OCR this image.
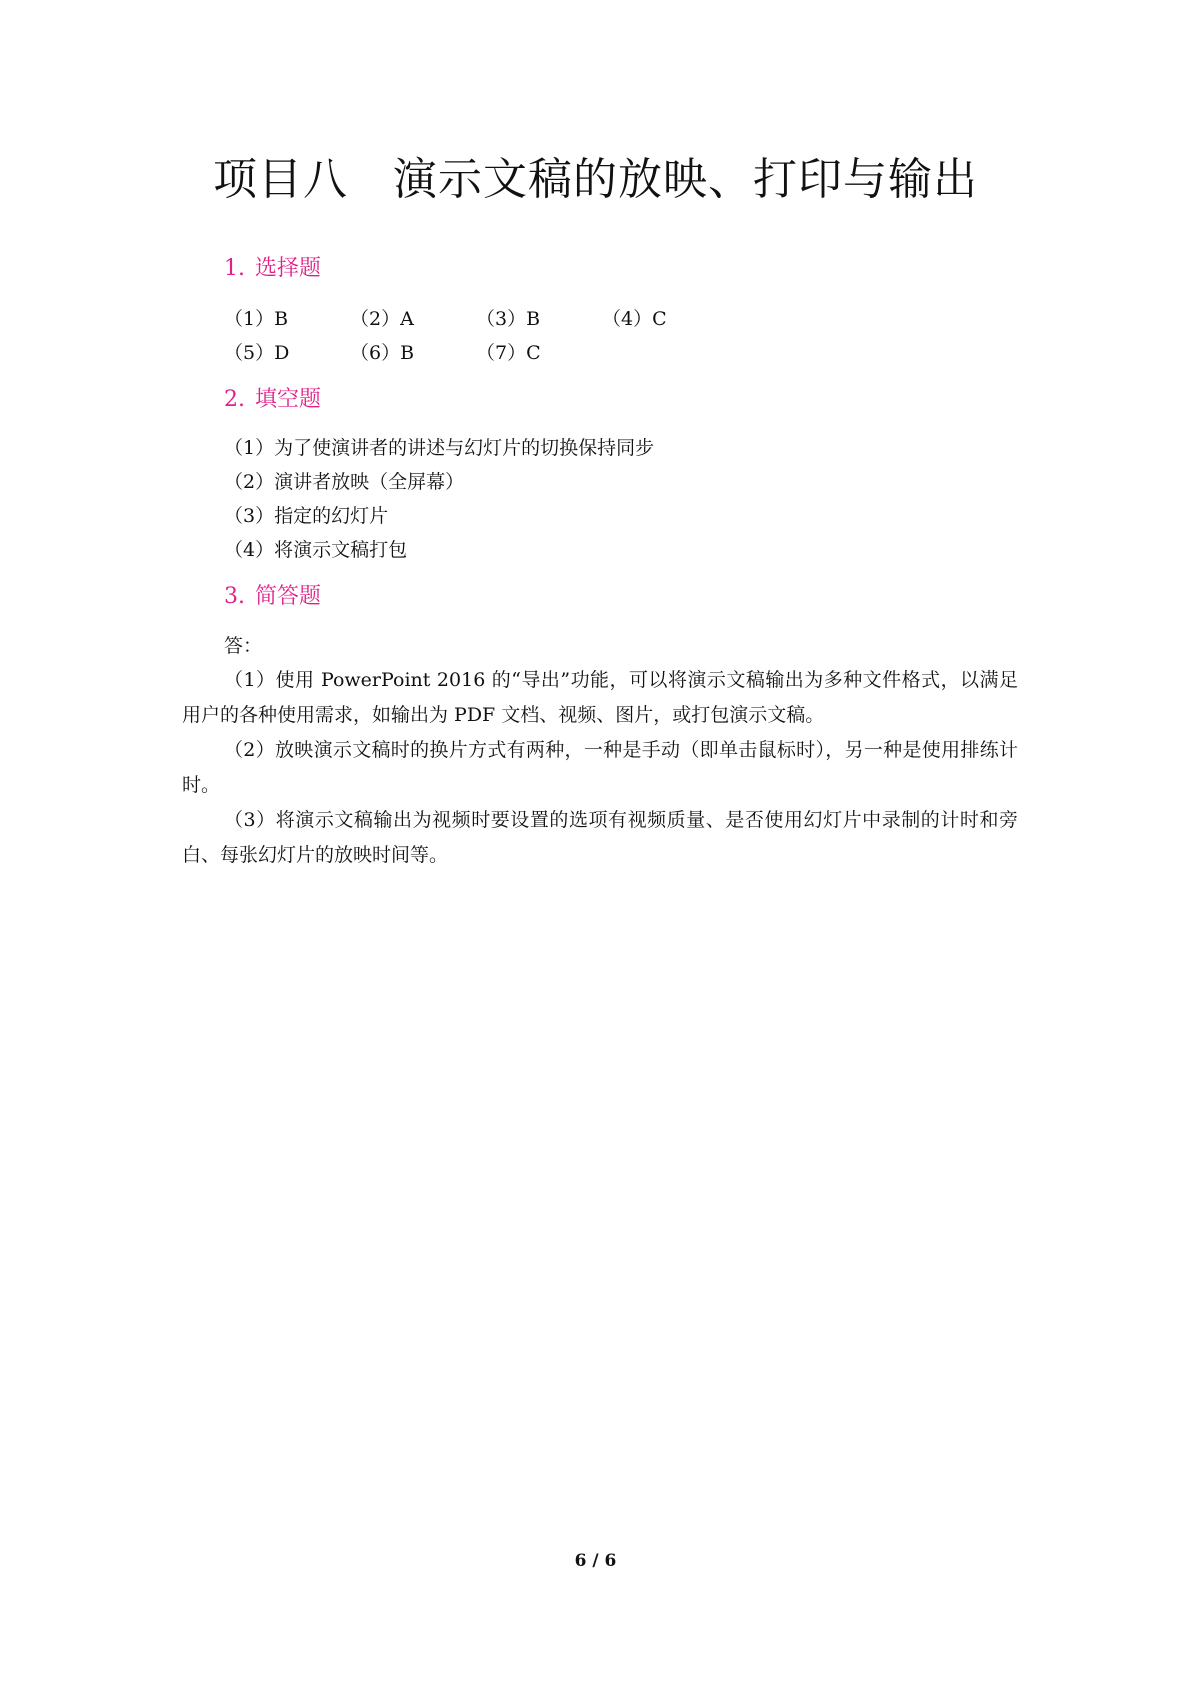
项目八　演示文稿的放映、打印与输出
1. 选择题
（1）B	（2）A	（3）B	（4）C
（5）D	（6）B	（7）C
2. 填空题
（1）为了使演讲者的讲述与幻灯片的切换保持同步
（2）演讲者放映（全屏幕）
（3）指定的幻灯片
（4）将演示文稿打包
3. 简答题
答：

（1）使用 PowerPoint 2016 的“导出”功能，可以将演示文稿输出为多种文件格式，以满足用户的各种使用需求，如输出为 PDF 文档、视频、图片，或打包演示文稿。

（2）放映演示文稿时的换片方式有两种，一种是手动（即单击鼠标时），另一种是使用排练计时。

（3）将演示文稿输出为视频时要设置的选项有视频质量、是否使用幻灯片中录制的计时和旁白、每张幻灯片的放映时间等。

6 / 6
